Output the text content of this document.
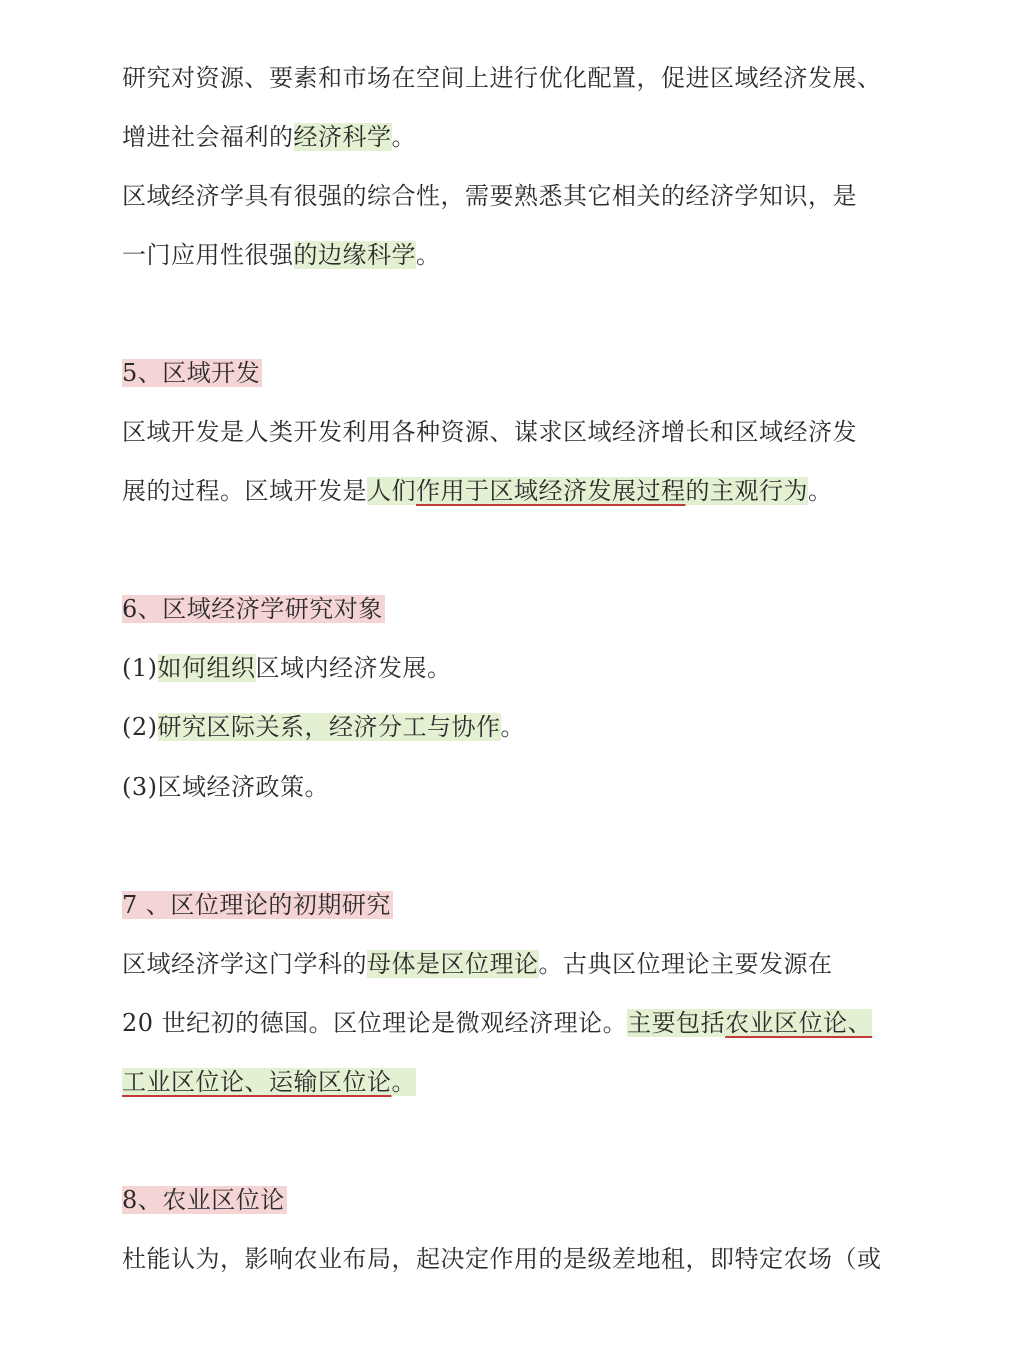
研究对资源、要素和市场在空间上进行优化配置，促进区域经济发展、
增进社会福利的经济科学。
区域经济学具有很强的综合性，需要熟悉其它相关的经济学知识，是
一门应用性很强的边缘科学。
5、区域开发
区域开发是人类开发利用各种资源、谋求区域经济增长和区域经济发
展的过程。区域开发是人们作用于区域经济发展过程的主观行为。
6、区域经济学研究对象
(1)如何组织区域内经济发展。
(2)研究区际关系，经济分工与协作。
(3)区域经济政策。
7 、区位理论的初期研究
区域经济学这门学科的母体是区位理论。古典区位理论主要发源在
20 世纪初的德国。区位理论是微观经济理论。主要包括农业区位论、
工业区位论、运输区位论。
8、农业区位论
杜能认为，影响农业布局，起决定作用的是级差地租，即特定农场（或
